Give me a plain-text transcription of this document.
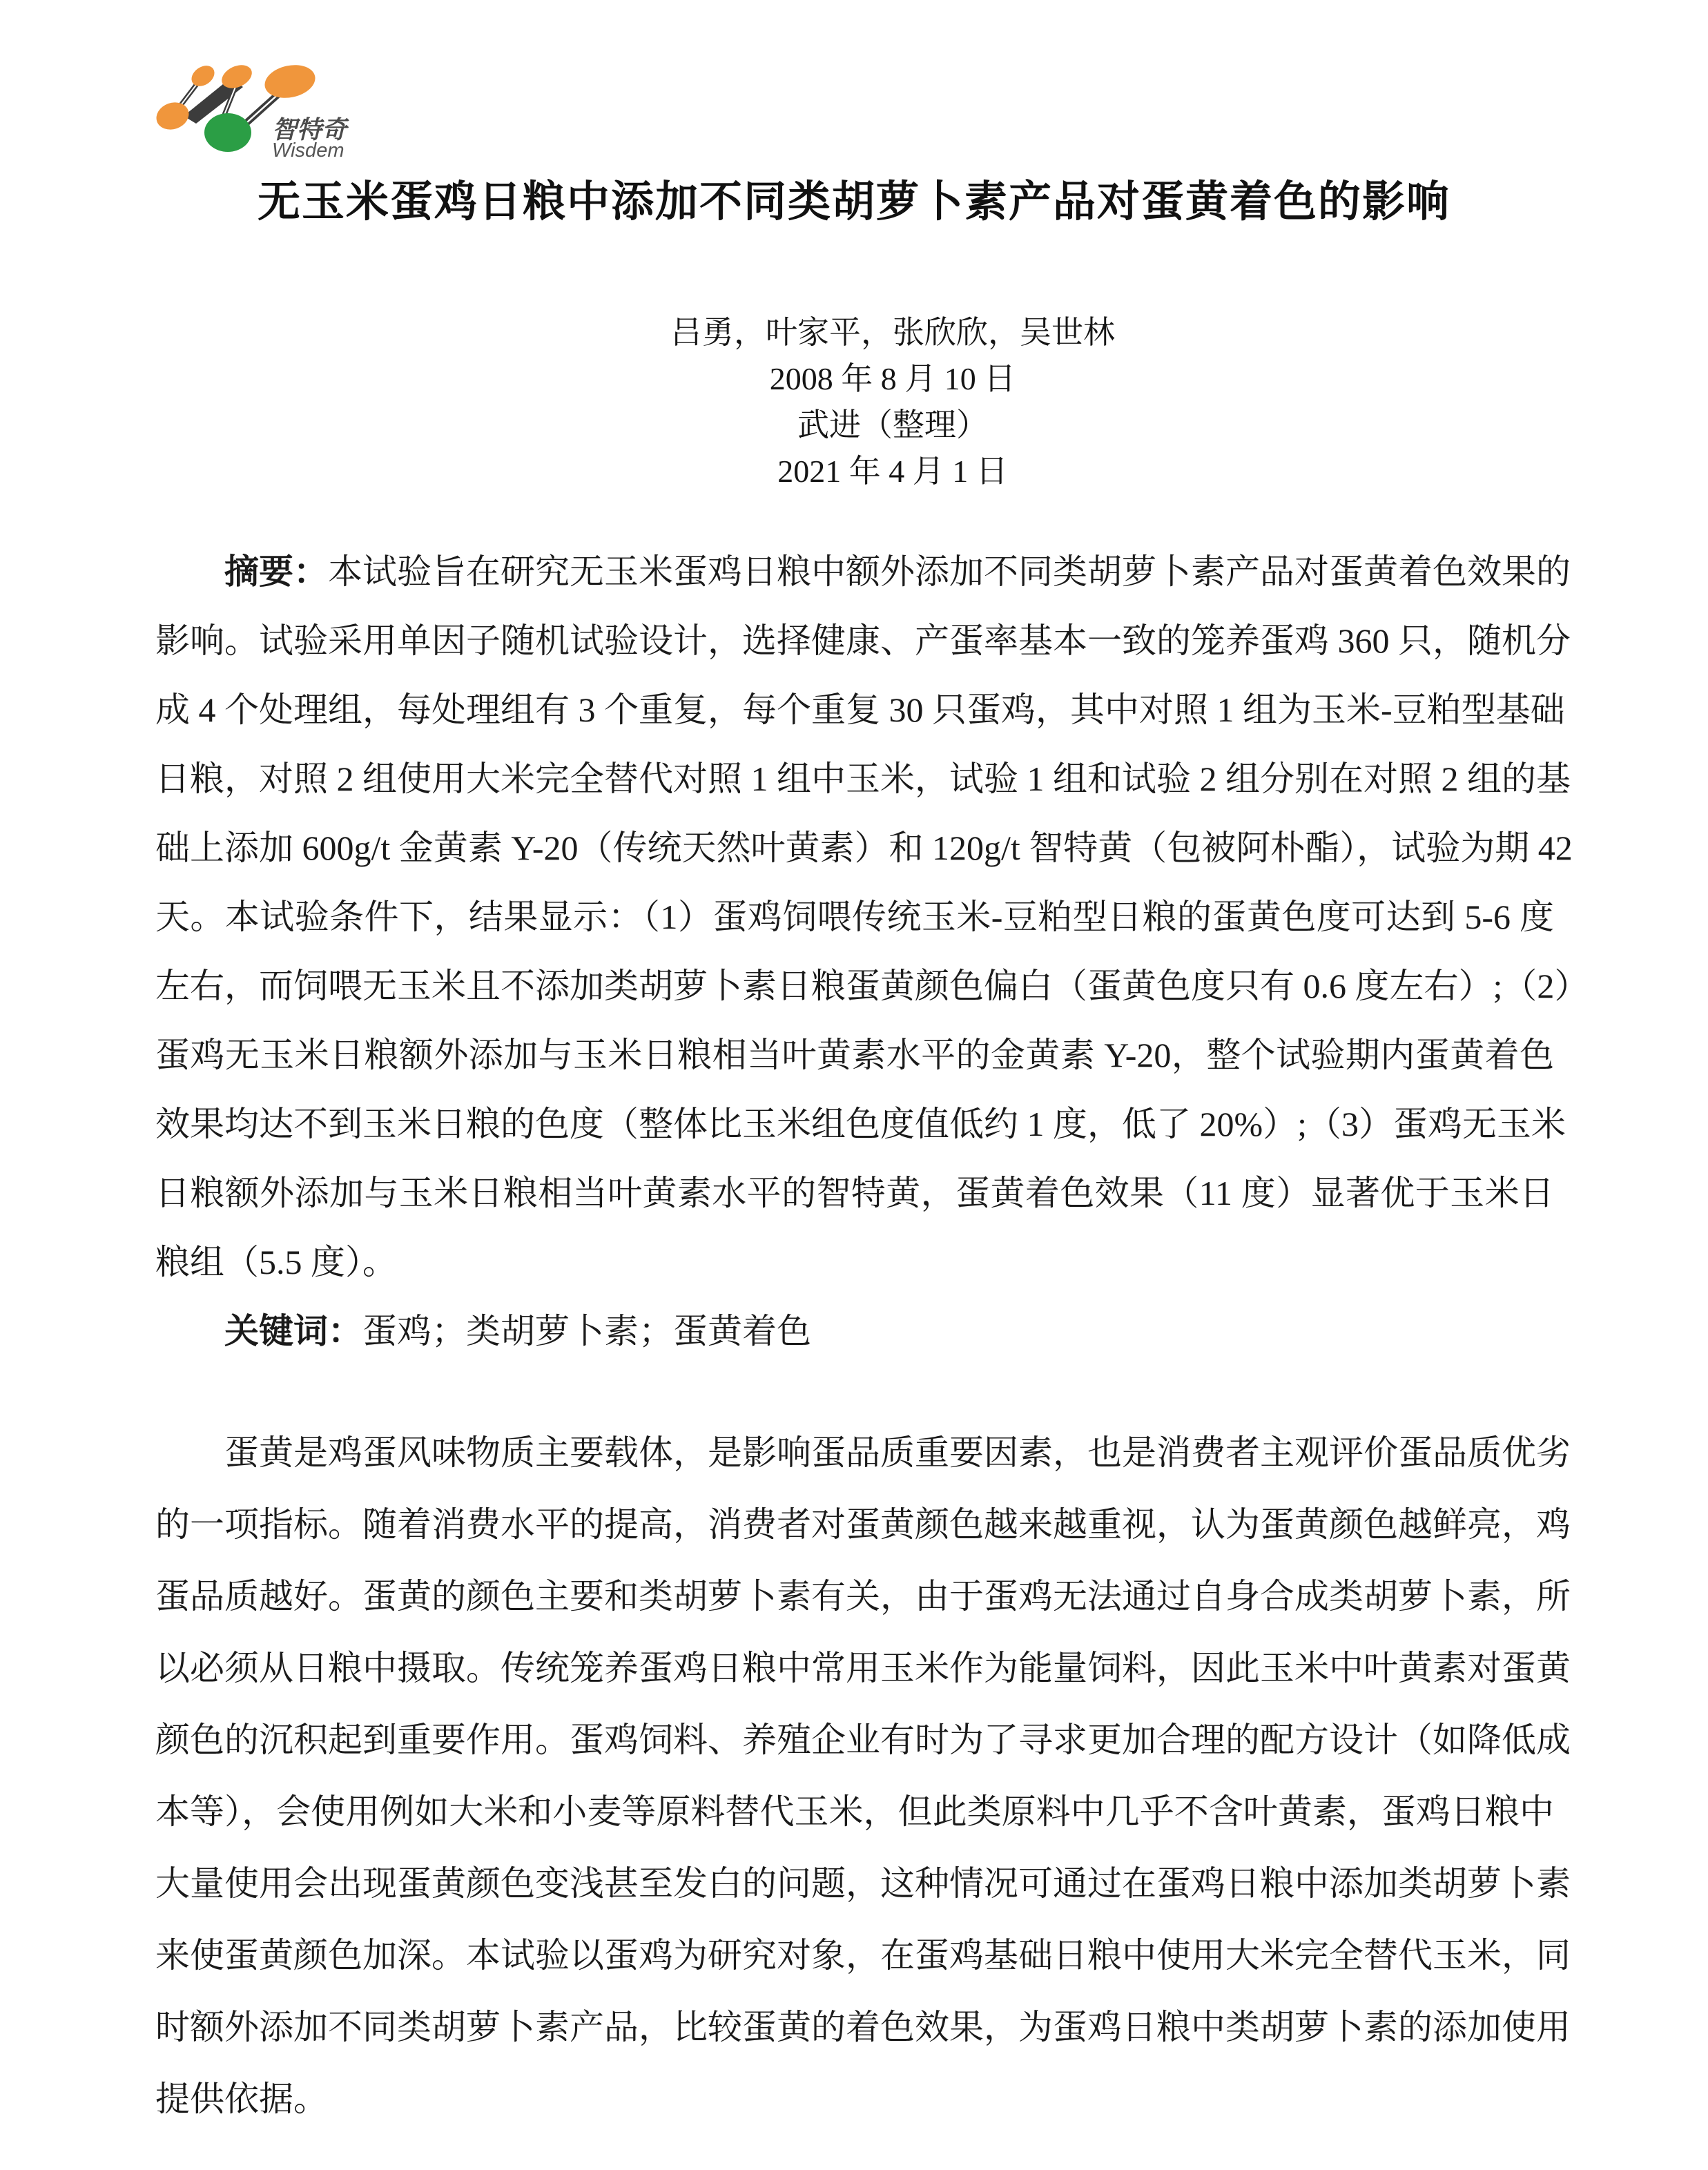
智特奇
Wisdem
无玉米蛋鸡日粮中添加不同类胡萝卜素产品对蛋黄着色的影响
吕勇，叶家平，张欣欣，吴世林
2008 年 8 月 10 日
武进（整理）
2021 年 4 月 1 日
摘要：本试验旨在研究无玉米蛋鸡日粮中额外添加不同类胡萝卜素产品对蛋黄着色效果的
影响。试验采用单因子随机试验设计，选择健康、产蛋率基本一致的笼养蛋鸡 360 只，随机分
成 4 个处理组，每处理组有 3 个重复，每个重复 30 只蛋鸡，其中对照 1 组为玉米-豆粕型基础
日粮，对照 2 组使用大米完全替代对照 1 组中玉米，试验 1 组和试验 2 组分别在对照 2 组的基
础上添加 600g/t 金黄素 Y-20（传统天然叶黄素）和 120g/t 智特黄（包被阿朴酯），试验为期 42
天。本试验条件下，结果显示：（1）蛋鸡饲喂传统玉米-豆粕型日粮的蛋黄色度可达到 5-6 度
左右，而饲喂无玉米且不添加类胡萝卜素日粮蛋黄颜色偏白（蛋黄色度只有 0.6 度左右）;（2）
蛋鸡无玉米日粮额外添加与玉米日粮相当叶黄素水平的金黄素 Y-20，整个试验期内蛋黄着色
效果均达不到玉米日粮的色度（整体比玉米组色度值低约 1 度，低了 20%）;（3）蛋鸡无玉米
日粮额外添加与玉米日粮相当叶黄素水平的智特黄，蛋黄着色效果（11 度）显著优于玉米日
粮组（5.5 度）。
关键词：蛋鸡；类胡萝卜素；蛋黄着色
蛋黄是鸡蛋风味物质主要载体，是影响蛋品质重要因素，也是消费者主观评价蛋品质优劣
的一项指标。随着消费水平的提高，消费者对蛋黄颜色越来越重视，认为蛋黄颜色越鲜亮，鸡
蛋品质越好。蛋黄的颜色主要和类胡萝卜素有关，由于蛋鸡无法通过自身合成类胡萝卜素，所
以必须从日粮中摄取。传统笼养蛋鸡日粮中常用玉米作为能量饲料，因此玉米中叶黄素对蛋黄
颜色的沉积起到重要作用。蛋鸡饲料、养殖企业有时为了寻求更加合理的配方设计（如降低成
本等），会使用例如大米和小麦等原料替代玉米，但此类原料中几乎不含叶黄素，蛋鸡日粮中
大量使用会出现蛋黄颜色变浅甚至发白的问题，这种情况可通过在蛋鸡日粮中添加类胡萝卜素
来使蛋黄颜色加深。本试验以蛋鸡为研究对象，在蛋鸡基础日粮中使用大米完全替代玉米，同
时额外添加不同类胡萝卜素产品，比较蛋黄的着色效果，为蛋鸡日粮中类胡萝卜素的添加使用
提供依据。
